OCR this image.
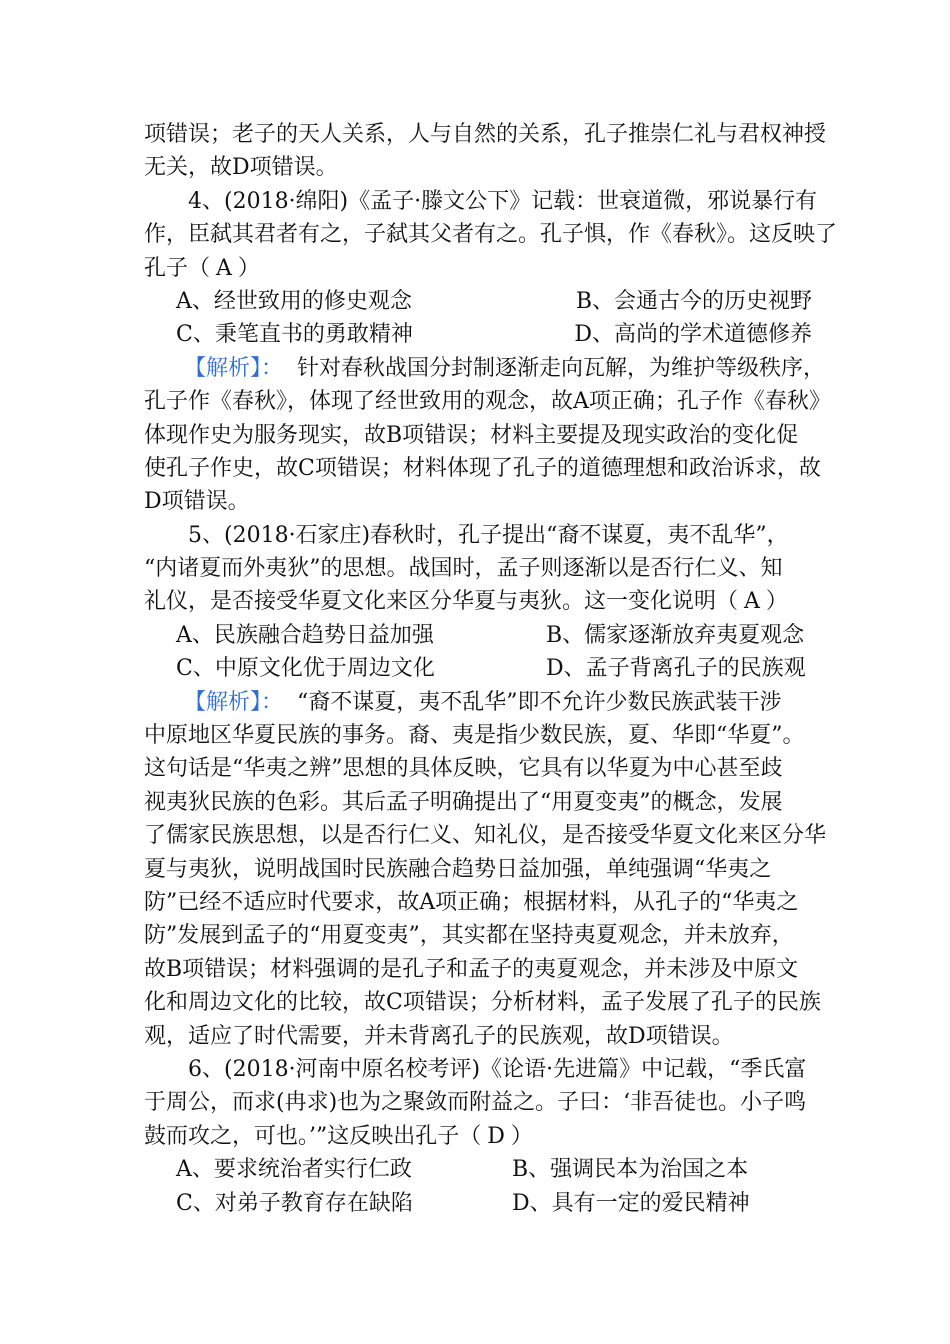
项错误；老子的天人关系，人与自然的关系，孔子推崇仁礼与君权神授
无关，故D项错误。
4、(2018·绵阳)《孟子·滕文公下》记载：世衰道微，邪说暴行有
作，臣弑其君者有之，子弑其父者有之。孔子惧，作《春秋》。这反映了
孔子（ A ）
A、经世致用的修史观念	B、会通古今的历史视野
C、秉笔直书的勇敢精神	D、高尚的学术道德修养
【解析】： 针对春秋战国分封制逐渐走向瓦解，为维护等级秩序，
孔子作《春秋》，体现了经世致用的观念，故A项正确；孔子作《春秋》
体现作史为服务现实，故B项错误；材料主要提及现实政治的变化促
使孔子作史，故C项错误；材料体现了孔子的道德理想和政治诉求，故
D项错误。
5、(2018·石家庄)春秋时，孔子提出“裔不谋夏，夷不乱华”，
“内诸夏而外夷狄”的思想。战国时，孟子则逐渐以是否行仁义、知
礼仪，是否接受华夏文化来区分华夏与夷狄。这一变化说明（ A ）
A、民族融合趋势日益加强	B、儒家逐渐放弃夷夏观念
C、中原文化优于周边文化	D、孟子背离孔子的民族观
【解析】： “裔不谋夏，夷不乱华”即不允许少数民族武装干涉
中原地区华夏民族的事务。裔、夷是指少数民族，夏、华即“华夏”。
这句话是“华夷之辨”思想的具体反映，它具有以华夏为中心甚至歧
视夷狄民族的色彩。其后孟子明确提出了“用夏变夷”的概念，发展
了儒家民族思想，以是否行仁义、知礼仪，是否接受华夏文化来区分华
夏与夷狄，说明战国时民族融合趋势日益加强，单纯强调“华夷之
防”已经不适应时代要求，故A项正确；根据材料，从孔子的“华夷之
防”发展到孟子的“用夏变夷”，其实都在坚持夷夏观念，并未放弃，
故B项错误；材料强调的是孔子和孟子的夷夏观念，并未涉及中原文
化和周边文化的比较，故C项错误；分析材料，孟子发展了孔子的民族
观，适应了时代需要，并未背离孔子的民族观，故D项错误。
6、(2018·河南中原名校考评)《论语·先进篇》中记载，“季氏富
于周公，而求(冉求)也为之聚敛而附益之。子曰：‘非吾徒也。小子鸣
鼓而攻之，可也。’”这反映出孔子（ D ）
A、要求统治者实行仁政	B、强调民本为治国之本
C、对弟子教育存在缺陷	D、具有一定的爱民精神
